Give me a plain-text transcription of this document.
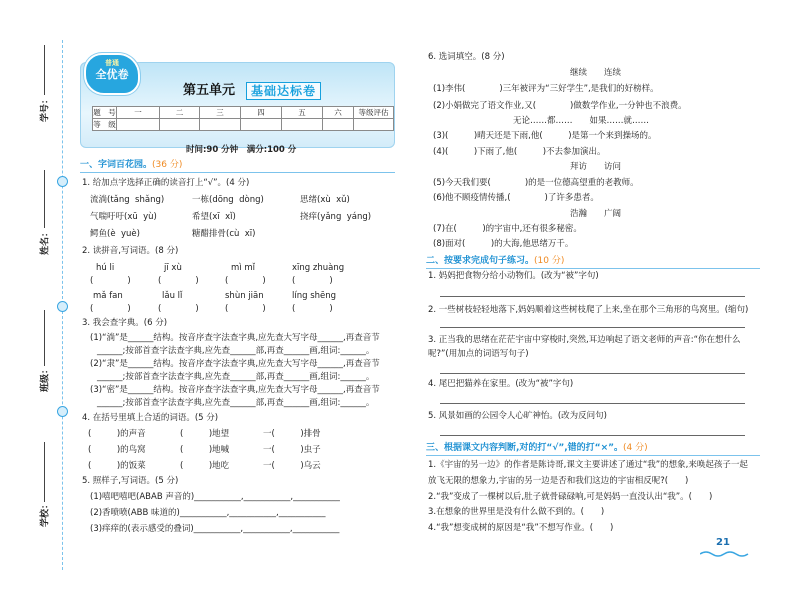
学号：
姓名：
班级：
学校：
普通
全优卷
第五单元	基础达标卷
题　号	一	二	三	四	五	六	等级评估
等　级							
时间:90 分钟　满分:100 分
一、字词百花园。(36 分)
1. 给加点字选择正确的读音打上“√”。(4 分)
流淌(tǎng  shǎng)	一栋(dōng  dòng)	思绪(xù  xǔ)
气喘吁吁(xū  yù)	希望(xī  xǐ)	挠痒(yǎng  yáng)
鳄鱼(è  yuè)	糖醋排骨(cù  xī)
2. 读拼音,写词语。(8 分)
hú li	jī xù	mì mǐ	xīng zhuàng
(　　　　)	(　　　　)	(　　　　)	(　　　　)
mǎ fan	lǎu lǐ	shùn jiān	líng shēng
(　　　　)	(　　　　)	(　　　　)	(　　　　)
3. 我会查字典。(6 分)
(1)“淌”是______结构。按音序查字法查字典,应先查大写字母______,再查音节
______;按部首查字法查字典,应先查______部,再查______画,组词:______。
(2)“隶”是______结构。按音序查字法查字典,应先查大写字母______,再查音节
______;按部首查字法查字典,应先查______部,再查______画,组词:______。
(3)“密”是______结构。按音序查字法查字典,应先查大写字母______,再查音节
______;按部首查字法查字典,应先查______部,再查______画,组词:______。
4. 在括号里填上合适的词语。(5 分)
(　　　)的声音	(　　　)地望	一(　　　)排骨
(　　　)的鸟窝	(　　　)地喊	一(　　　)虫子
(　　　)的饭菜	(　　　)地吃	一(　　　)乌云
5. 照样子,写词语。(5 分)
(1)嘻吧嘻吧(ABAB 声音的)___________,___________,___________
(2)香喷喷(ABB 味道的)___________,___________,___________
(3)痒痒的(表示感受的叠词)___________,___________,___________
6. 选词填空。(8 分)
继续　　连续
(1)李伟(　　　　)三年被评为“三好学生”,是我们的好榜样。
(2)小娟做完了语文作业,又(　　　　)做数学作业,一分钟也不浪费。
无论……都……　　如果……就……
(3)(　　　)晴天还是下雨,他(　　　)是第一个来到操场的。
(4)(　　　)下雨了,他(　　　)不去参加演出。
拜访　　访问
(5)今天我们要(　　　　)的是一位德高望重的老教师。
(6)他不顾疫情传播,(　　　　)了许多患者。
浩瀚　　广阔
(7)在(　　　)的宇宙中,还有很多秘密。
(8)面对(　　　)的大海,他思绪万千。
二、按要求完成句子练习。(10 分)
1. 妈妈把食物分给小动物们。(改为“被”字句)
2. 一些树枝轻轻地落下,妈妈顺着这些树枝爬了上来,坐在那个三角形的鸟窝里。(缩句)
3. 正当我的思绪在茫茫宇宙中穿梭时,突然,耳边响起了语文老师的声音:“你在想什么
呢?”(用加点的词语写句子)
4. 尾巴把猫养在家里。(改为“被”字句)
5. 风景如画的公园令人心旷神怡。(改为反问句)
三、根据课文内容判断,对的打“√”,错的打“×”。(4 分)
1.《宇宙的另一边》的作者是陈诗哥,课文主要讲述了通过“我”的想象,来唤起孩子一起
放飞无限的想象力,宇宙的另一边是否和我们这边的宇宙相反呢?(　　)
2.“我”变成了一棵树以后,肚子就骨碌碌响,可是妈妈一直没认出“我”。(　　)
3.在想象的世界里是没有什么做不到的。(　　)
4.“我”想变成树的原因是“我”不想写作业。(　　)
21
